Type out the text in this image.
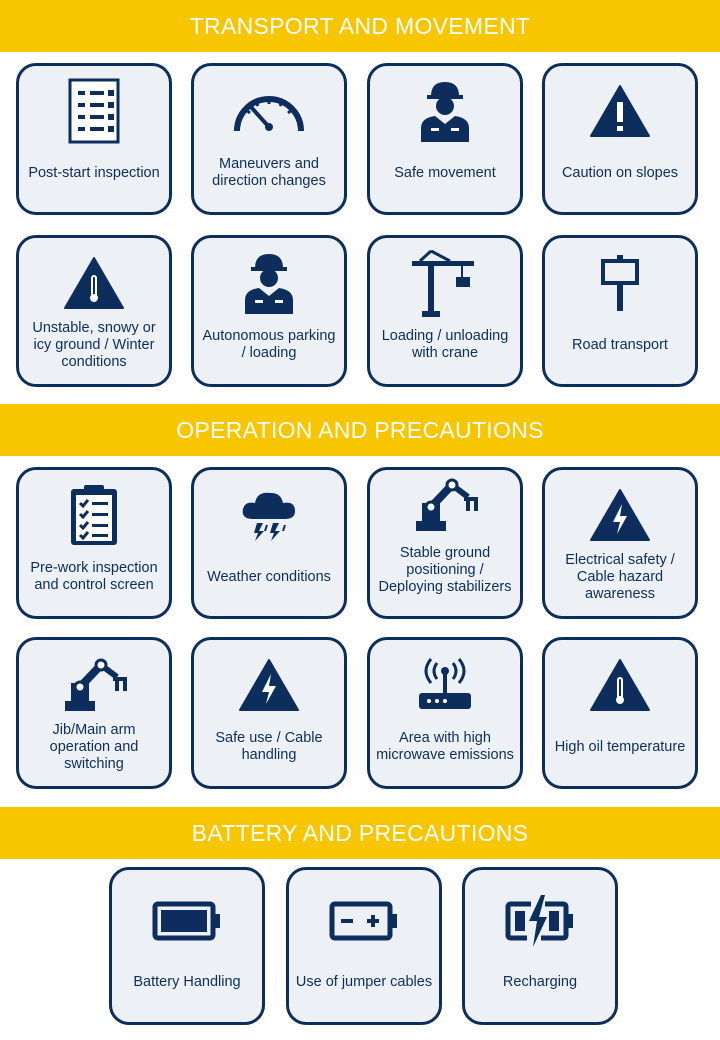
TRANSPORT AND MOVEMENT
Post-start inspection
Maneuvers and direction changes
Safe movement	Caution on slopes
Unstable, snowy or icy ground / Winter conditions
Autonomous parking / loading
Loading / unloading with crane
Road transport
OPERATION AND PRECAUTIONS
Pre-work inspection and control screen
Weather conditions
Stable ground positioning / Deploying stabilizers
Electrical safety / Cable hazard awareness
Jib/Main arm operation and switching
Safe use / Cable handling
Area with high microwave emissions
High oil temperature
BATTERY AND PRECAUTIONS
Battery Handling	Use of jumper cables	Recharging
